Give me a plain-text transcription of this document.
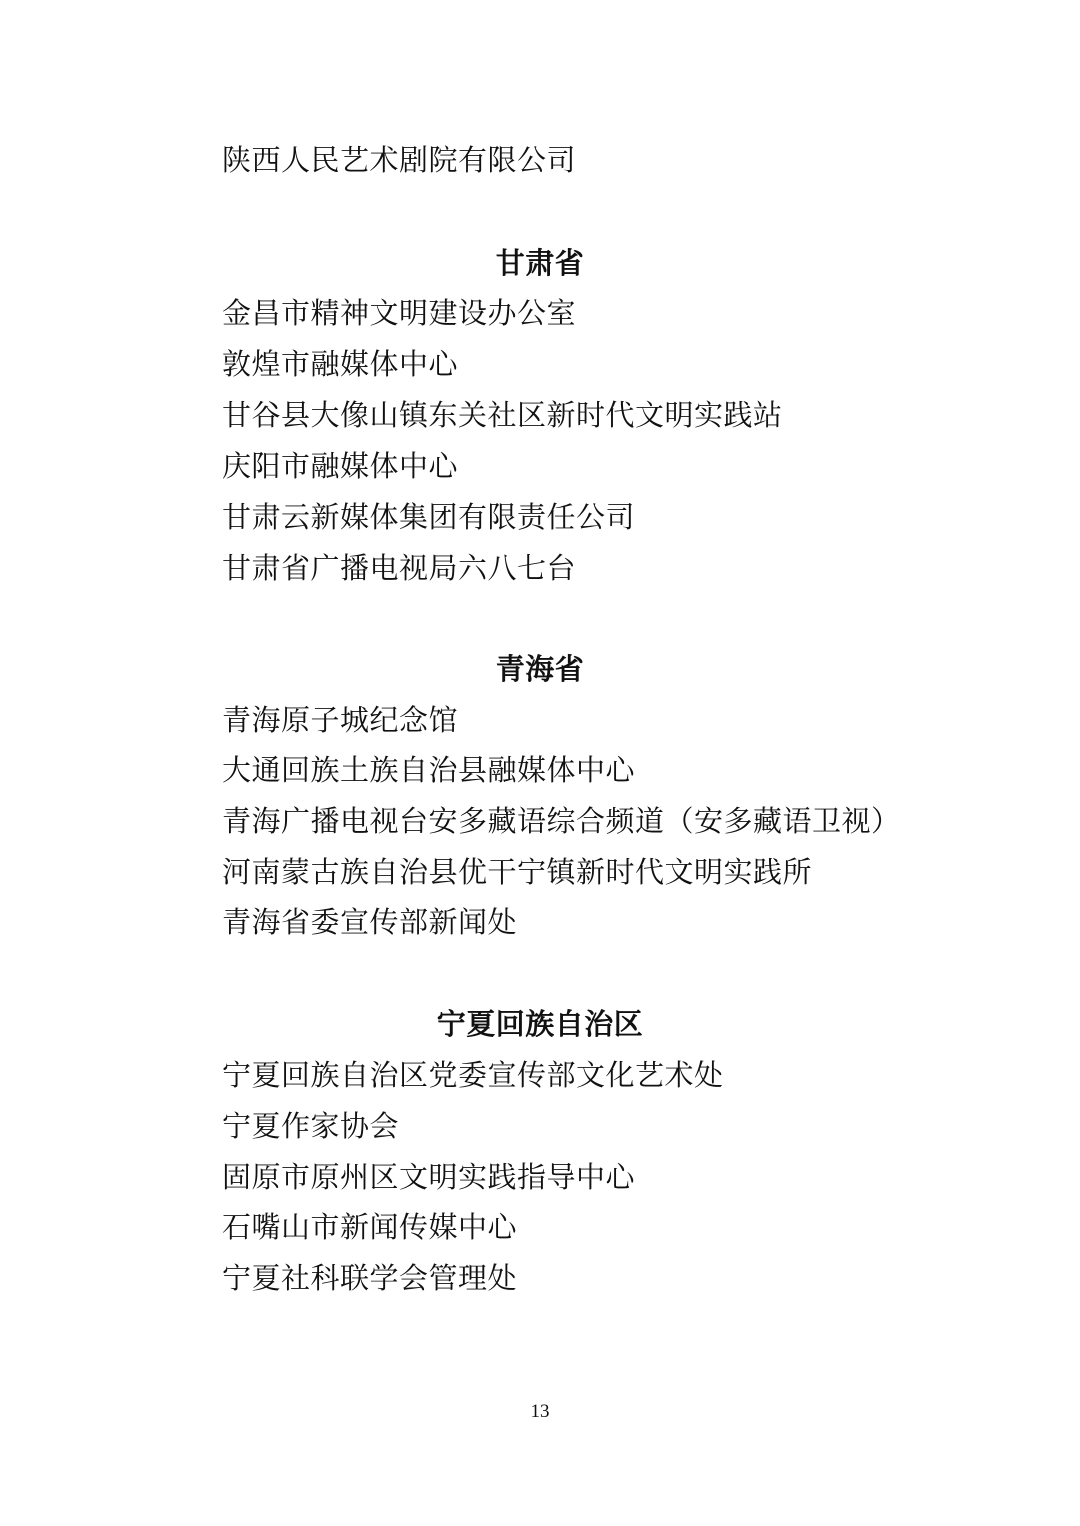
陕西人民艺术剧院有限公司
甘肃省
金昌市精神文明建设办公室
敦煌市融媒体中心
甘谷县大像山镇东关社区新时代文明实践站
庆阳市融媒体中心
甘肃云新媒体集团有限责任公司
甘肃省广播电视局六八七台
青海省
青海原子城纪念馆
大通回族土族自治县融媒体中心
青海广播电视台安多藏语综合频道（安多藏语卫视）
河南蒙古族自治县优干宁镇新时代文明实践所
青海省委宣传部新闻处
宁夏回族自治区
宁夏回族自治区党委宣传部文化艺术处
宁夏作家协会
固原市原州区文明实践指导中心
石嘴山市新闻传媒中心
宁夏社科联学会管理处
13
